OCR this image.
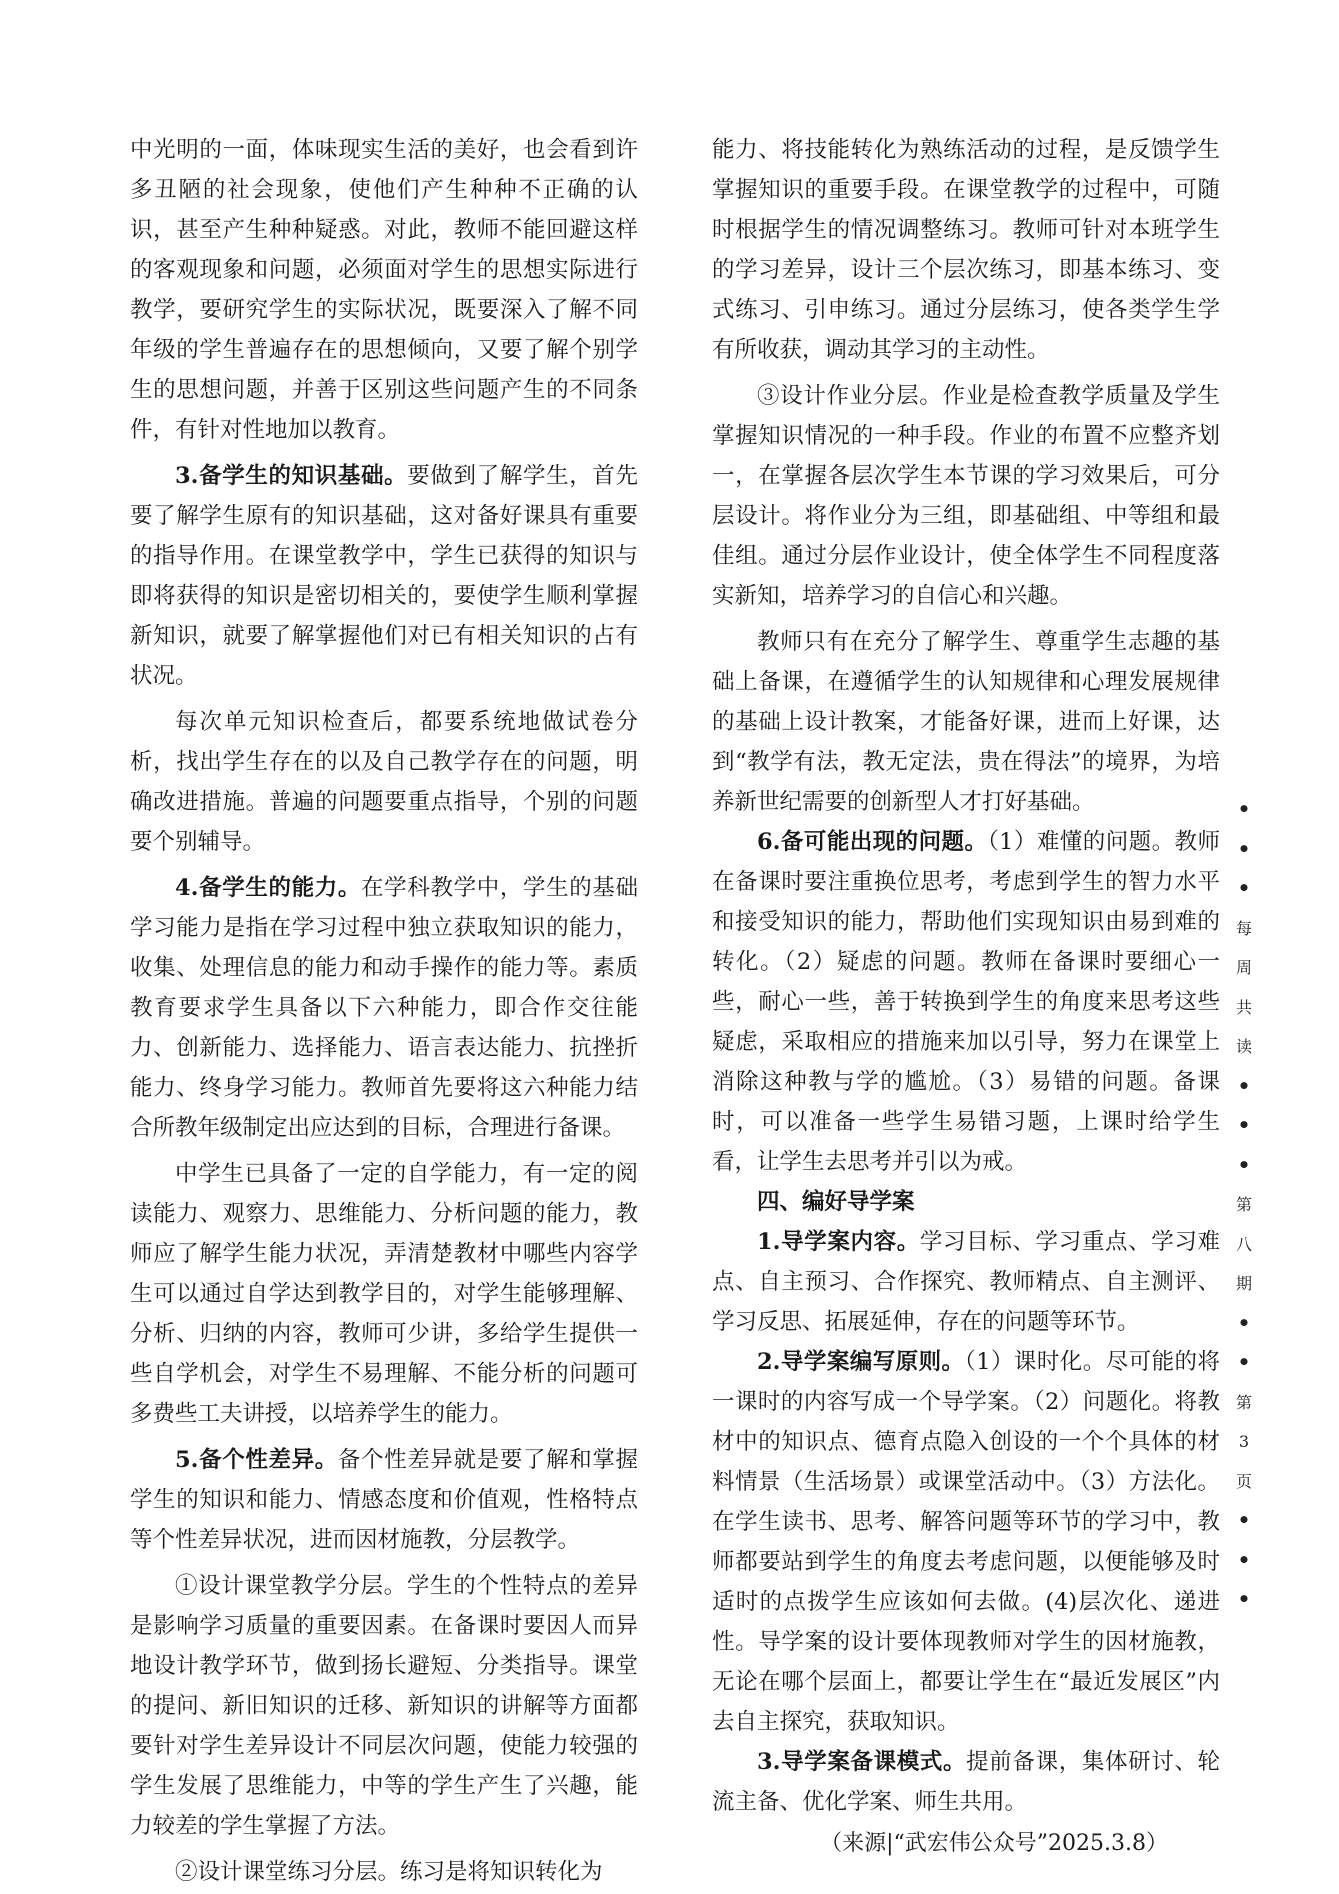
中光明的一面，体味现实生活的美好，也会看到许多丑陋的社会现象，使他们产生种种不正确的认识，甚至产生种种疑惑。对此，教师不能回避这样的客观现象和问题，必须面对学生的思想实际进行教学，要研究学生的实际状况，既要深入了解不同年级的学生普遍存在的思想倾向，又要了解个别学生的思想问题，并善于区别这些问题产生的不同条件，有针对性地加以教育。

3.备学生的知识基础。要做到了解学生，首先要了解学生原有的知识基础，这对备好课具有重要的指导作用。在课堂教学中，学生已获得的知识与即将获得的知识是密切相关的，要使学生顺利掌握新知识，就要了解掌握他们对已有相关知识的占有状况。

每次单元知识检查后，都要系统地做试卷分析，找出学生存在的以及自己教学存在的问题，明确改进措施。普遍的问题要重点指导，个别的问题要个别辅导。

4.备学生的能力。在学科教学中，学生的基础学习能力是指在学习过程中独立获取知识的能力，收集、处理信息的能力和动手操作的能力等。素质教育要求学生具备以下六种能力，即合作交往能力、创新能力、选择能力、语言表达能力、抗挫折能力、终身学习能力。教师首先要将这六种能力结合所教年级制定出应达到的目标，合理进行备课。

中学生已具备了一定的自学能力，有一定的阅读能力、观察力、思维能力、分析问题的能力，教师应了解学生能力状况，弄清楚教材中哪些内容学生可以通过自学达到教学目的，对学生能够理解、分析、归纳的内容，教师可少讲，多给学生提供一些自学机会，对学生不易理解、不能分析的问题可多费些工夫讲授，以培养学生的能力。

5.备个性差异。备个性差异就是要了解和掌握学生的知识和能力、情感态度和价值观，性格特点等个性差异状况，进而因材施教，分层教学。

①设计课堂教学分层。学生的个性特点的差异是影响学习质量的重要因素。在备课时要因人而异地设计教学环节，做到扬长避短、分类指导。课堂的提问、新旧知识的迁移、新知识的讲解等方面都要针对学生差异设计不同层次问题，使能力较强的学生发展了思维能力，中等的学生产生了兴趣，能力较差的学生掌握了方法。

②设计课堂练习分层。练习是将知识转化为

能力、将技能转化为熟练活动的过程，是反馈学生掌握知识的重要手段。在课堂教学的过程中，可随时根据学生的情况调整练习。教师可针对本班学生的学习差异，设计三个层次练习，即基本练习、变式练习、引申练习。通过分层练习，使各类学生学有所收获，调动其学习的主动性。

③设计作业分层。作业是检查教学质量及学生掌握知识情况的一种手段。作业的布置不应整齐划一，在掌握各层次学生本节课的学习效果后，可分层设计。将作业分为三组，即基础组、中等组和最佳组。通过分层作业设计，使全体学生不同程度落实新知，培养学习的自信心和兴趣。

教师只有在充分了解学生、尊重学生志趣的基础上备课，在遵循学生的认知规律和心理发展规律的基础上设计教案，才能备好课，进而上好课，达到“教学有法，教无定法，贵在得法”的境界，为培养新世纪需要的创新型人才打好基础。

6.备可能出现的问题。（1）难懂的问题。教师在备课时要注重换位思考，考虑到学生的智力水平和接受知识的能力，帮助他们实现知识由易到难的转化。（2）疑虑的问题。教师在备课时要细心一些，耐心一些，善于转换到学生的角度来思考这些疑虑，采取相应的措施来加以引导，努力在课堂上消除这种教与学的尴尬。（3）易错的问题。备课时，可以准备一些学生易错习题，上课时给学生看，让学生去思考并引以为戒。

四、编好导学案

1.导学案内容。学习目标、学习重点、学习难点、自主预习、合作探究、教师精点、自主测评、学习反思、拓展延伸，存在的问题等环节。

2.导学案编写原则。（1）课时化。尽可能的将一课时的内容写成一个导学案。（2）问题化。将教材中的知识点、德育点隐入创设的一个个具体的材料情景（生活场景）或课堂活动中。（3）方法化。在学生读书、思考、解答问题等环节的学习中，教师都要站到学生的角度去考虑问题，以便能够及时适时的点拨学生应该如何去做。(4)层次化、递进性。导学案的设计要体现教师对学生的因材施教，无论在哪个层面上，都要让学生在“最近发展区”内去自主探究，获取知识。

3.导学案备课模式。提前备课，集体研讨、轮流主备、优化学案、师生共用。

（来源|“武宏伟公众号”2025.3.8）
•
•
•
每
周
共
读
•
•
•
第
八
期
•
•
第
3
页
•
•
•
